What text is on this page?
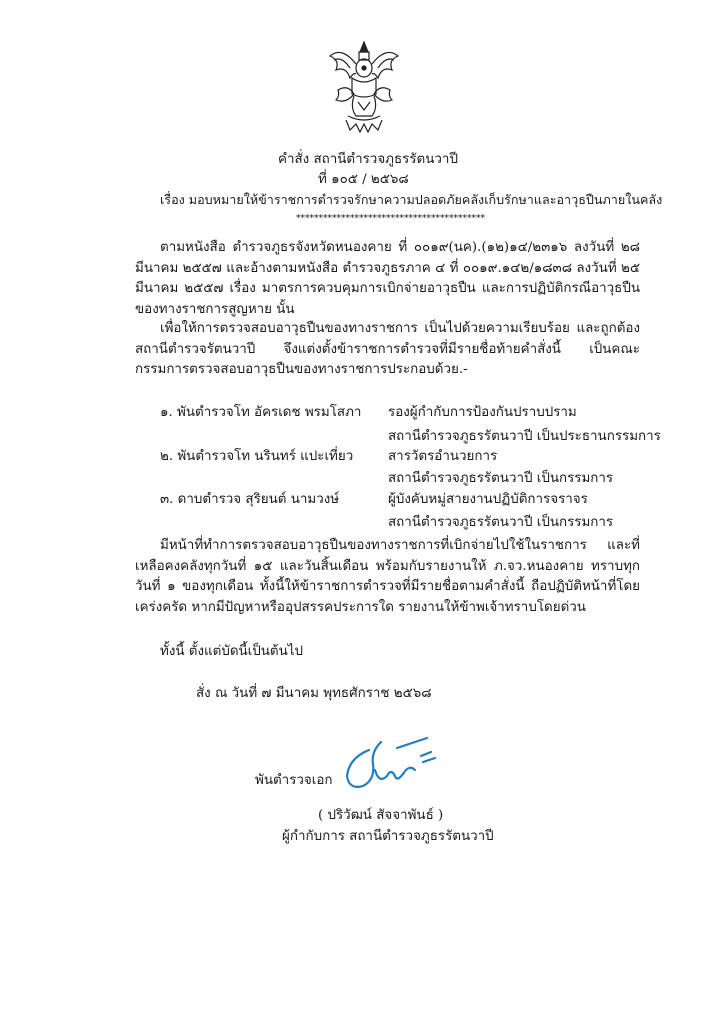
คำสั่ง สถานีตำรวจภูธรรัตนวาปี
ที่ ๑๐๕ / ๒๕๖๘
เรื่อง มอบหมายให้ข้าราชการตำรวจรักษาความปลอดภัยคลังเก็บรักษาและอาวุธปืนภายในคลัง
******************************************
ตามหนังสือ ตำรวจภูธรจังหวัดหนองคาย ที่ ๐๐๑๙(นค).(๑๒)๑๔/๒๓๑๖ ลงวันที่ ๒๘ มีนาคม ๒๕๕๗ และอ้างตามหนังสือ ตำรวจภูธรภาค ๔ ที่ ๐๐๑๙.๑๔๒/๑๘๓๘ ลงวันที่ ๒๕ มีนาคม ๒๕๕๗ เรื่อง มาตรการควบคุมการเบิกจ่ายอาวุธปืน และการปฏิบัติกรณีอาวุธปืนของทางราชการสูญหาย นั้น
เพื่อให้การตรวจสอบอาวุธปืนของทางราชการ เป็นไปด้วยความเรียบร้อย และถูกต้อง สถานีตำรวจรัตนวาปี จึงแต่งตั้งข้าราชการตำรวจที่มีรายชื่อท้ายคำสั่งนี้ เป็นคณะกรรมการตรวจสอบอาวุธปืนของทางราชการประกอบด้วย.-
๑. พันตำรวจโท อัครเดช พรมโสภา รองผู้กำกับการป้องกันปราบปราม
สถานีตำรวจภูธรรัตนวาปี เป็นประธานกรรมการ
๒. พันตำรวจโท นรินทร์ แปะเที่ยว	สารวัตรอำนวยการ
สถานีตำรวจภูธรรัตนวาปี เป็นกรรมการ
๓. ดาบตำรวจ สุริยนต์ นามวงษ์	ผู้บังคับหมู่สายงานปฏิบัติการจราจร
สถานีตำรวจภูธรรัตนวาปี เป็นกรรมการ
มีหน้าที่ทำการตรวจสอบอาวุธปืนของทางราชการที่เบิกจ่ายไปใช้ในราชการ และที่เหลือคงคลังทุกวันที่ ๑๕ และวันสิ้นเดือน พร้อมกับรายงานให้ ภ.จว.หนองคาย ทราบทุกวันที่ ๑ ของทุกเดือน ทั้งนี้ให้ข้าราชการตำรวจที่มีรายชื่อตามคำสั่งนี้ ถือปฏิบัติหน้าที่โดยเคร่งครัด หากมีปัญหาหรืออุปสรรคประการใด รายงานให้ข้าพเจ้าทราบโดยด่วน
ทั้งนี้ ตั้งแต่บัดนี้เป็นต้นไป
สั่ง ณ วันที่ ๗ มีนาคม พุทธศักราช ๒๕๖๘
พันตำรวจเอก
( ปริวัฒน์ สัจจาพันธ์ )
ผู้กำกับการ สถานีตำรวจภูธรรัตนวาปี
